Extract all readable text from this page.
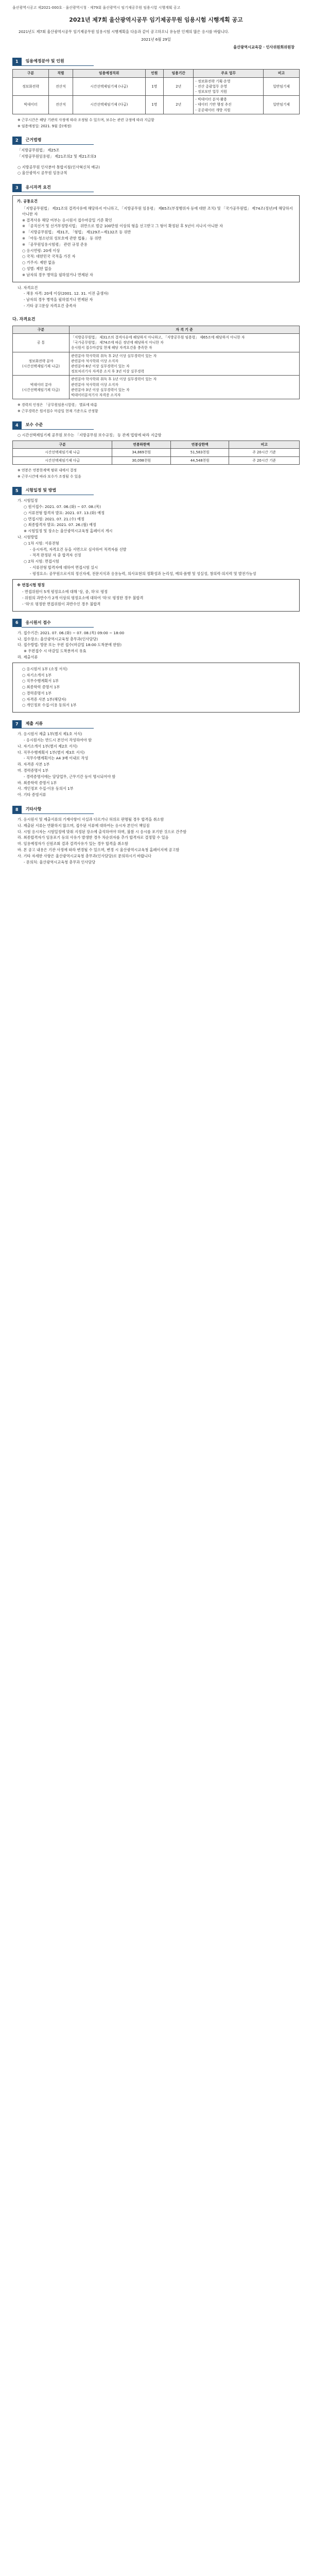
울산광역시공고 제2021-000호 · 울산광역시청 · 제79회 울산광역시 임기제공무원 임용시험 시행계획 공고
2021년 제7회 울산광역시공무 임기제공무원 임용시험 시행계획 공고
2021년도 제7회 울산광역시공무 임기제공무원 임용시험 시행계획을 다음과 같이 공고하오니 유능한 인재의 많은 응시를 바랍니다.
2021년 6월 29일
울산광역시교육감 · 인사위원회위원장
1	임용예정분야 및 인원
구분	직렬	임용예정직위	인원	임용기간	주요 업무	비고
정보화전략	전산직	시간선택제임기제 (나급)	1명	2년	- 정보화전략 기획·운영
- 전산 총괄업무 운영
- 정보보안 업무 지원	일반임기제
빅데이터	전산직	시간선택제임기제 (다급)	1명	2년	- 빅데이터 분석·활용
- 데이터 기반 행정 추진
- 공공데이터 개방 지원	일반임기제
※ 근무시간은 해당 기관의 사정에 따라 조정될 수 있으며, 보수는 관련 규정에 따라 지급함
※ 임용예정일: 2021. 9월 중(예정)
2	근거법령
「지방공무원법」 제25조
「지방공무원임용령」 제21조의2 및 제21조의3
○ 지방공무원 인사분야 통합지침(인사혁신처 예규)
○ 울산광역시 공무원 임용규칙
3	응시자격 요건
가. 공통요건
「지방공무원법」 제31조의 결격사유에 해당하지 아니하고, 「지방공무원 임용령」 제65조(부정행위자 등에 대한 조치) 및 「국가공무원법」 제74조(정년)에 해당하지 아니한 자
※ 결격사유 해당 여부는 응시원서 접수마감일 기준 확인
※ 「공직선거 및 선거부정방지법」 위반으로 벌금 100만원 이상의 형을 선고받고 그 형이 확정된 후 5년이 지나지 아니한 자
※ 「지방공무원법」 제31조, 「형법」 제129조~제132조 등 위반
※ 「아동·청소년의 성보호에 관한 법률」 등 위반
※ 「공무원임용시험령」 관련 규정 준용
○ 응시연령: 20세 이상
○ 국적: 대한민국 국적을 가진 자
○ 거주지: 제한 없음
○ 성별: 제한 없음
※ 남자의 경우 병역을 필하였거나 면제된 자
나. 자격요건
- 채용 자격: 20세 이상(2001. 12. 31. 이전 출생자)
- 남자의 경우 병역을 필하였거나 면제된 자
- 기타 공고문상 자격요건 충족자
다. 자격요건
구분	자 격 기 준
공 통	「지방공무원법」 제31조의 결격사유에 해당하지 아니하고, 「지방공무원 임용령」 제65조에 해당하지 아니한 자
「국가공무원법」 제74조에 따른 정년에 해당하지 아니한 자
응시원서 접수마감일 현재 해당 자격요건을 충족한 자
정보화전략 분야
(시간선택제임기제 나급)	관련분야 학사학위 취득 후 2년 이상 실무경력이 있는 자
관련분야 석사학위 이상 소지자
관련분야 6년 이상 실무경력이 있는 자
정보처리기사 자격증 소지 후 3년 이상 실무경력
빅데이터 분야
(시간선택제임기제 다급)	관련분야 학사학위 취득 후 1년 이상 실무경력이 있는 자
관련분야 석사학위 이상 소지자
관련분야 3년 이상 실무경력이 있는 자
빅데이터분석기사 자격증 소지자
※ 경력의 인정은 「공무원임용시험령」 별표에 따름
※ 근무경력은 원서접수 마감일 현재 기준으로 산정함
4	보수 수준
○ 시간선택제임기제 공무원 보수는 「지방공무원 보수규정」 등 관계 법령에 따라 지급함
구분	연봉하한액	연봉상한액	비고
시간선택제임기제 나급	34,869천원	51,583천원	주 20시간 기준
시간선택제임기제 다급	30,098천원	44,548천원	주 20시간 기준
※ 연봉은 연봉한계액 범위 내에서 결정
※ 근무시간에 따라 보수가 조정될 수 있음
5	시험일정 및 방법
가. 시험일정
○ 원서접수: 2021. 07. 06.(화) ~ 07. 08.(목)
○ 서류전형 합격자 발표: 2021. 07. 13.(화) 예정
○ 면접시험: 2021. 07. 21.(수) 예정
○ 최종합격자 발표: 2021. 07. 26.(월) 예정
※ 시험일정 및 장소는 울산광역시교육청 홈페이지 게시
나. 시험방법
○ 1차 시험: 서류전형
- 응시자격, 자격요건 등을 서면으로 심사하여 적격자를 선발
- 적격 판정된 자 중 합격자 선정
○ 2차 시험: 면접시험
- 서류전형 합격자에 대하여 면접시험 실시
- 평정요소: 공무원으로서의 정신자세, 전문지식과 응용능력, 의사표현의 정확성과 논리성, 예의·품행 및 성실성, 창의력·의지력 및 발전가능성
※ 면접시험 평정
- 면접위원이 5개 평정요소에 대해 '상, 중, 하'로 평정
- 위원의 과반수가 2개 이상의 평정요소에 대하여 '하'로 평정한 경우 불합격
- '하'로 평정한 면접위원이 과반수인 경우 불합격
6	응시원서 접수
가. 접수기간: 2021. 07. 06.(화) ~ 07. 08.(목) 09:00 ~ 18:00
나. 접수장소: 울산광역시교육청 총무과(인사담당)
다. 접수방법: 방문 또는 우편 접수(마감일 18:00 도착분에 한함)
※ 우편접수 시 마감일 도착분까지 유효
라. 제출서류
○ 응시원서 1부 (소정 서식)
○ 자기소개서 1부
○ 직무수행계획서 1부
○ 최종학력 증명서 1부
○ 경력증명서 1부
○ 자격증 사본 1부(해당자)
○ 개인정보 수집·이용 동의서 1부
7	제출 서류
가. 응시원서 제출 1부(별지 제1호 서식)
- 응시원서는 반드시 본인이 작성하여야 함
나. 자기소개서 1부(별지 제2호 서식)
다. 직무수행계획서 1부(별지 제3호 서식)
- 직무수행계획서는 A4 3매 이내로 작성
라. 자격증 사본 1부
마. 경력증명서 1부
- 경력증명서에는 담당업무, 근무기간 등이 명시되어야 함
바. 최종학력 증명서 1부
사. 개인정보 수집·이용 동의서 1부
아. 기타 증빙서류
8	기타사항
가. 응시원서 및 제출서류의 기재사항이 사실과 다르거나 허위로 판명될 경우 합격을 취소함
나. 제출된 서류는 반환하지 않으며, 접수된 서류에 대하여는 응시자 본인이 책임짐
다. 시험 응시자는 시험일정에 맞춰 지정된 장소에 출석하여야 하며, 불참 시 응시를 포기한 것으로 간주함
라. 최종합격자가 임용포기 등의 사유가 발생한 경우 차순위자를 추가 합격자로 결정할 수 있음
마. 임용예정자가 신원조회 결과 결격사유가 있는 경우 합격을 취소함
바. 본 공고 내용은 기관 사정에 따라 변경될 수 있으며, 변경 시 울산광역시교육청 홈페이지에 공고함
사. 기타 자세한 사항은 울산광역시교육청 총무과(인사담당)로 문의하시기 바랍니다
- 문의처: 울산광역시교육청 총무과 인사담당
